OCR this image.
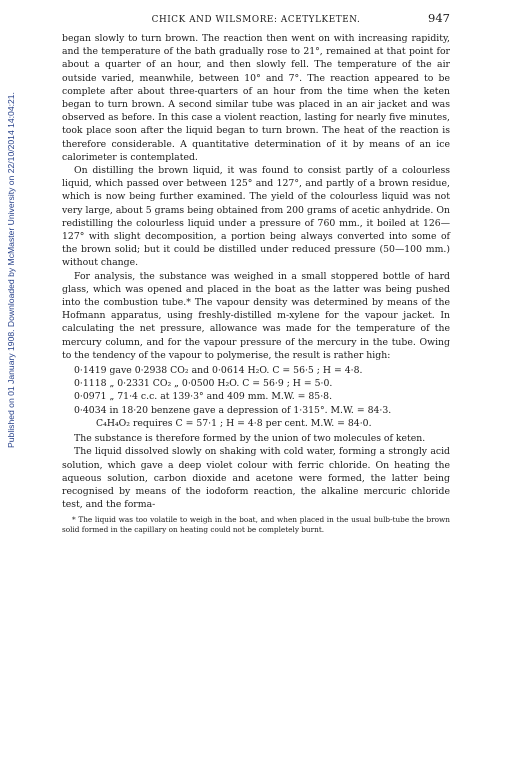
Published on 01 January 1908. Downloaded by McMaster University on 22/10/2014 14:04:21.
CHICK AND WILSMORE: ACETYLKETEN.	947

began slowly to turn brown. The reaction then went on with increasing rapidity, and the temperature of the bath gradually rose to 21°, remained at that point for about a quarter of an hour, and then slowly fell. The temperature of the air outside varied, meanwhile, between 10° and 7°. The reaction appeared to be complete after about three-quarters of an hour from the time when the keten began to turn brown. A second similar tube was placed in an air jacket and was observed as before. In this case a violent reaction, lasting for nearly five minutes, took place soon after the liquid began to turn brown. The heat of the reaction is therefore considerable. A quantitative determination of it by means of an ice calorimeter is contemplated.

On distilling the brown liquid, it was found to consist partly of a colourless liquid, which passed over between 125° and 127°, and partly of a brown residue, which is now being further examined. The yield of the colourless liquid was not very large, about 5 grams being obtained from 200 grams of acetic anhydride. On redistilling the colourless liquid under a pressure of 760 mm., it boiled at 126—127° with slight decomposition, a portion being always converted into some of the brown solid; but it could be distilled under reduced pressure (50—100 mm.) without change.

For analysis, the substance was weighed in a small stoppered bottle of hard glass, which was opened and placed in the boat as the latter was being pushed into the combustion tube.* The vapour density was determined by means of the Hofmann apparatus, using freshly-distilled m-xylene for the vapour jacket. In calculating the net pressure, allowance was made for the temperature of the mercury column, and for the vapour pressure of the mercury in the tube. Owing to the tendency of the vapour to polymerise, the result is rather high:

0·1419 gave 0·2938 CO₂ and 0·0614 H₂O. C = 56·5 ; H = 4·8.
0·1118 „ 0·2331 CO₂ „ 0·0500 H₂O. C = 56·9 ; H = 5·0.
0·0971 „ 71·4 c.c. at 139·3° and 409 mm. M.W. = 85·8.
0·4034 in 18·20 benzene gave a depression of 1·315°. M.W. = 84·3.
C₄H₄O₂ requires C = 57·1 ; H = 4·8 per cent. M.W. = 84·0.

The substance is therefore formed by the union of two molecules of keten.

The liquid dissolved slowly on shaking with cold water, forming a strongly acid solution, which gave a deep violet colour with ferric chloride. On heating the aqueous solution, carbon dioxide and acetone were formed, the latter being recognised by means of the iodoform reaction, the alkaline mercuric chloride test, and the forma-

* The liquid was too volatile to weigh in the boat, and when placed in the usual bulb-tube the brown solid formed in the capillary on heating could not be completely burnt.
